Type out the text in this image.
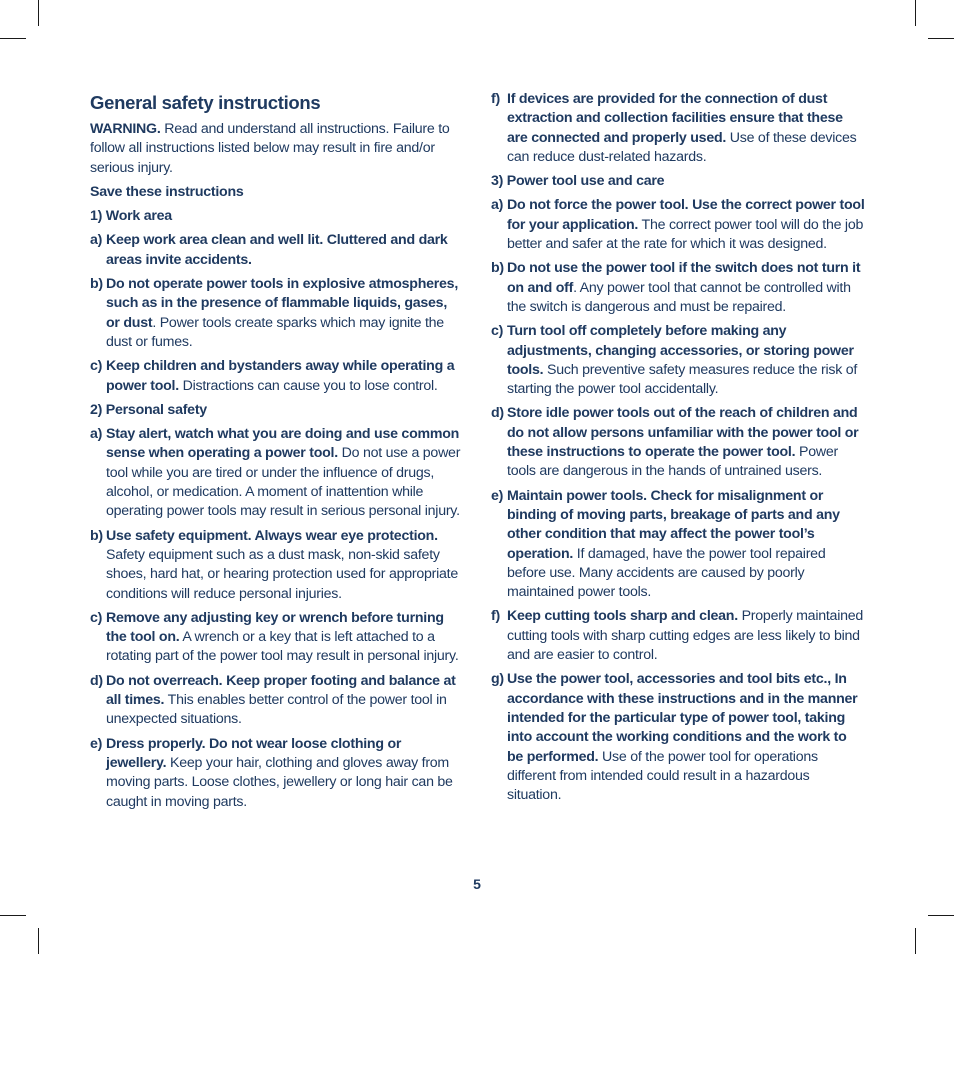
General safety instructions
WARNING. Read and understand all instructions. Failure to follow all instructions listed below may result in fire and/or serious injury.
Save these instructions
1) Work area
a) Keep work area clean and well lit. Cluttered and dark areas invite accidents.
b) Do not operate power tools in explosive atmospheres, such as in the presence of flammable liquids, gases, or dust. Power tools create sparks which may ignite the dust or fumes.
c) Keep children and bystanders away while operating a power tool. Distractions can cause you to lose control.
2) Personal safety
a) Stay alert, watch what you are doing and use common sense when operating a power tool. Do not use a power tool while you are tired or under the influence of drugs, alcohol, or medication. A moment of inattention while operating power tools may result in serious personal injury.
b) Use safety equipment. Always wear eye protection. Safety equipment such as a dust mask, non-skid safety shoes, hard hat, or hearing protection used for appropriate conditions will reduce personal injuries.
c) Remove any adjusting key or wrench before turning the tool on. A wrench or a key that is left attached to a rotating part of the power tool may result in personal injury.
d) Do not overreach. Keep proper footing and balance at all times. This enables better control of the power tool in unexpected situations.
e) Dress properly. Do not wear loose clothing or jewellery. Keep your hair, clothing and gloves away from moving parts. Loose clothes, jewellery or long hair can be caught in moving parts.
f) If devices are provided for the connection of dust extraction and collection facilities ensure that these are connected and properly used. Use of these devices can reduce dust-related hazards.
3) Power tool use and care
a) Do not force the power tool. Use the correct power tool for your application. The correct power tool will do the job better and safer at the rate for which it was designed.
b) Do not use the power tool if the switch does not turn it on and off. Any power tool that cannot be controlled with the switch is dangerous and must be repaired.
c) Turn tool off completely before making any adjustments, changing accessories, or storing power tools. Such preventive safety measures reduce the risk of starting the power tool accidentally.
d) Store idle power tools out of the reach of children and do not allow persons unfamiliar with the power tool or these instructions to operate the power tool. Power tools are dangerous in the hands of untrained users.
e) Maintain power tools. Check for misalignment or binding of moving parts, breakage of parts and any other condition that may affect the power tool’s operation. If damaged, have the power tool repaired before use. Many accidents are caused by poorly maintained power tools.
f) Keep cutting tools sharp and clean. Properly maintained cutting tools with sharp cutting edges are less likely to bind and are easier to control.
g) Use the power tool, accessories and tool bits etc., In accordance with these instructions and in the manner intended for the particular type of power tool, taking into account the working conditions and the work to be performed. Use of the power tool for operations different from intended could result in a hazardous situation.
5
